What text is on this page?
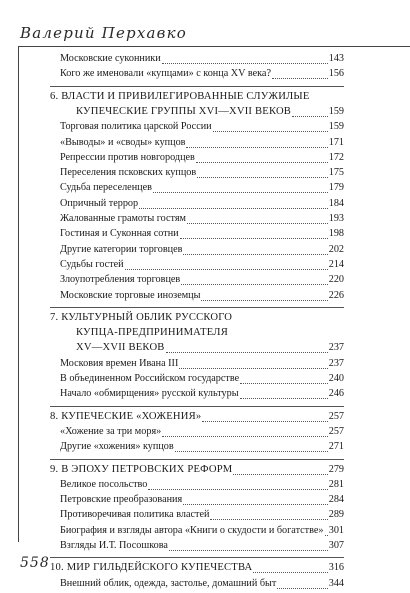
Валерий Перхавко
Московские суконники	143
Кого же именовали «купцами» с конца XV века?	156
6. ВЛАСТИ И ПРИВИЛЕГИРОВАННЫЕ СЛУЖИЛЫЕ
КУПЕЧЕСКИЕ ГРУППЫ XVI—XVII ВЕКОВ	159
Торговая политика царской России	159
«Выводы» и «своды» купцов	171
Репрессии против новгородцев	172
Переселения псковских купцов	175
Судьба переселенцев	179
Опричный террор	184
Жалованные грамоты гостям	193
Гостиная и Суконная сотни	198
Другие категории торговцев	202
Судьбы гостей	214
Злоупотребления торговцев	220
Московские торговые иноземцы	226
7. КУЛЬТУРНЫЙ ОБЛИК РУССКОГО
КУПЦА-ПРЕДПРИНИМАТЕЛЯ
XV—XVII ВЕКОВ	237
Московия времен Ивана III	237
В объединенном Российском государстве	240
Начало «обмирщения» русской культуры	246
8. КУПЕЧЕСКИЕ «ХОЖЕНИЯ»	257
«Хожение за три моря»	257
Другие «хожения» купцов	271
9. В ЭПОХУ ПЕТРОВСКИХ РЕФОРМ	279
Великое посольство	281
Петровские преобразования	284
Противоречивая политика властей	289
Биография и взгляды автора «Книги о скудости и богатстве» 301
Взгляды И.Т. Посошкова	307
10. МИР ГИЛЬДЕЙСКОГО КУПЕЧЕСТВА	316
Внешний облик, одежда, застолье, домашний быт	344
558
